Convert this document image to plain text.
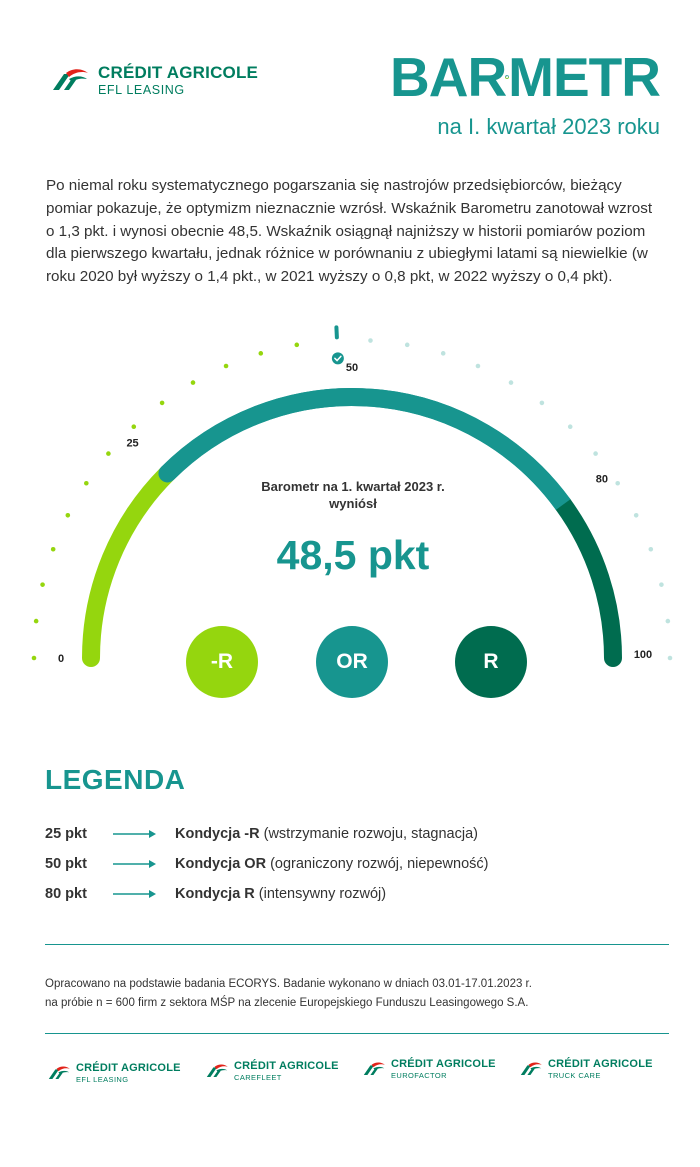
CRÉDIT AGRICOLE
EFL LEASING	BAR METR
na I. kwartał 2023 roku
Po niemal roku systematycznego pogarszania się nastrojów przedsiębiorców, bieżący pomiar pokazuje, że optymizm nieznacznie wzrósł. Wskaźnik Barometru zanotował wzrost o 1,3 pkt. i wynosi obecnie 48,5. Wskaźnik osiągnął najniższy w historii pomiarów poziom dla pierwszego kwartału, jednak różnice w porównaniu z ubiegłymi latami są niewielkie (w roku 2020 był wyższy o 1,4 pkt., w 2021 wyższy o 0,8 pkt, w 2022 wyższy o 0,4 pkt).
0
25
50
80
100
Barometr na 1. kwartał 2023 r.
wyniósł
48,5 pkt
-R	OR	R
LEGENDA
25 pkt	Kondycja -R (wstrzymanie rozwoju, stagnacja)
50 pkt	Kondycja OR (ograniczony rozwój, niepewność)
80 pkt	Kondycja R (intensywny rozwój)
Opracowano na podstawie badania ECORYS. Badanie wykonano w dniach 03.01-17.01.2023 r.
na próbie n = 600 firm z sektora MŚP na zlecenie Europejskiego Funduszu Leasingowego S.A.
CRÉDIT AGRICOLE
EFL LEASING
CRÉDIT AGRICOLE
CAREFLEET
CRÉDIT AGRICOLE
EUROFACTOR
CRÉDIT AGRICOLE
TRUCK CARE
